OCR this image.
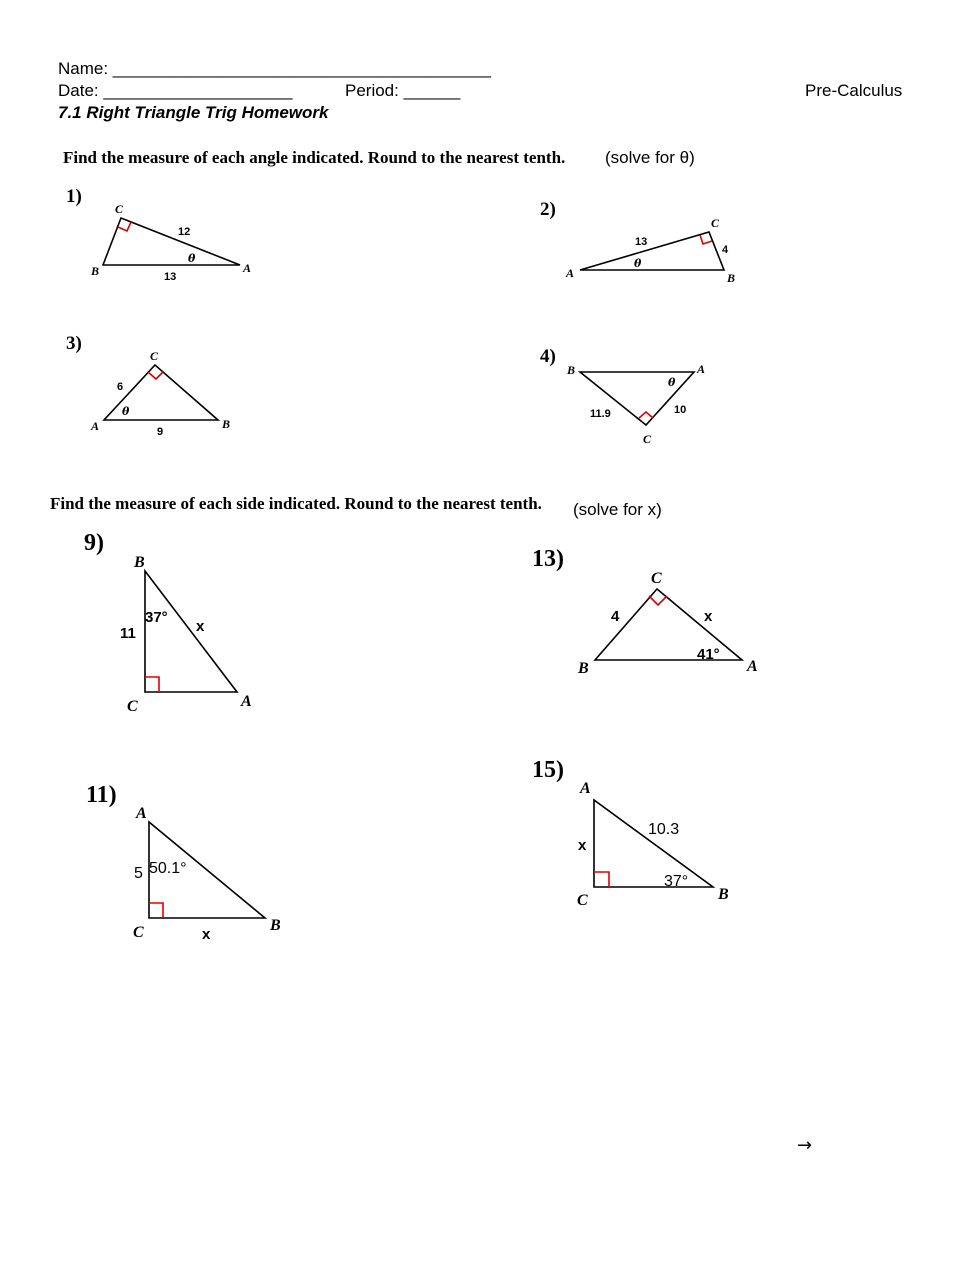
Name: ________________________________________
Date: ____________________	Period: ______	Pre-Calculus
7.1 Right Triangle Trig Homework
Find the measure of each angle indicated. Round to the nearest tenth. (solve for θ)
Find the measure of each side indicated. Round to the nearest tenth. (solve for x)
1)
2)
3)
4)
9)
13)
11)
15)
C
B	A
12
13
θ
C
A	B
13
4
θ
C
A	B
6
9
θ
B	A
C
11.9	10
θ
B
C	A
11	x
37°
C
B	A
4	x
41°
A
C	B
5
x
50.1°
A
C	B
x
10.3
37°
→
